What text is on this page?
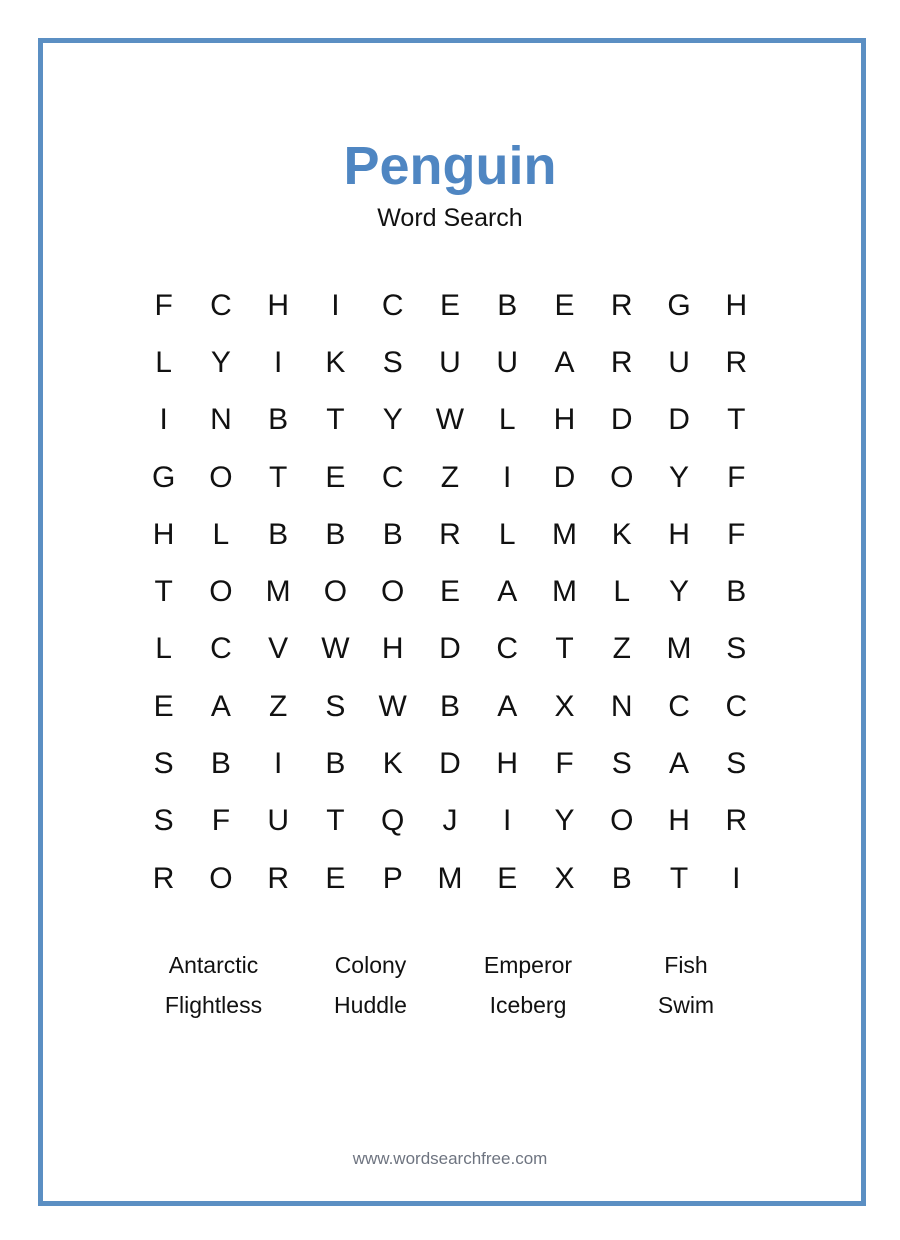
Penguin
Word Search
F	C	H	I	C	E	B	E	R	G	H
L	Y	I	K	S	U	U	A	R	U	R
I	N	B	T	Y	W	L	H	D	D	T
G	O	T	E	C	Z	I	D	O	Y	F
H	L	B	B	B	R	L	M	K	H	F
T	O	M	O	O	E	A	M	L	Y	B
L	C	V	W	H	D	C	T	Z	M	S
E	A	Z	S	W	B	A	X	N	C	C
S	B	I	B	K	D	H	F	S	A	S
S	F	U	T	Q	J	I	Y	O	H	R
R	O	R	E	P	M	E	X	B	T	I
Antarctic	Colony	Emperor	Fish
Flightless	Huddle	Iceberg	Swim
www.wordsearchfree.com
